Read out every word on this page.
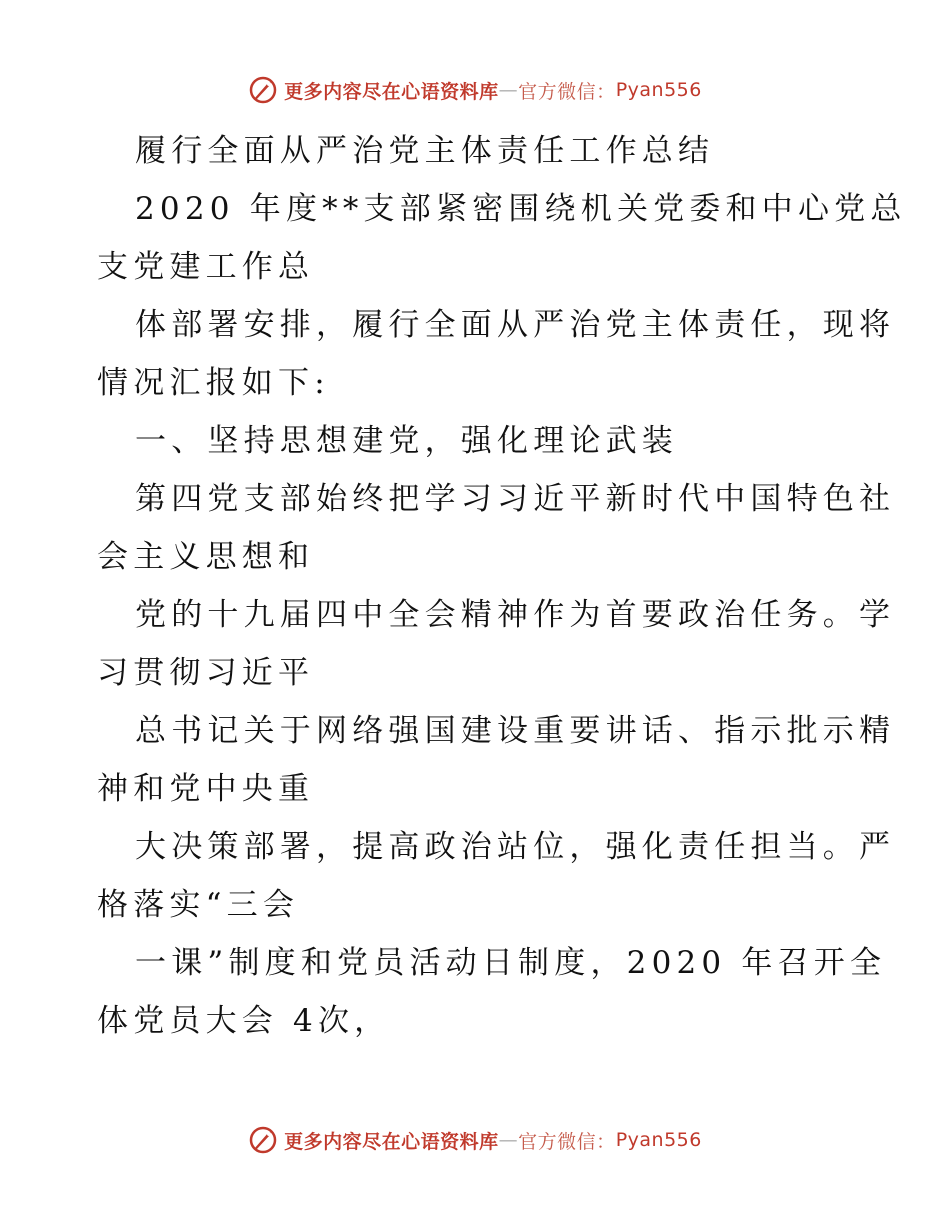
更多内容尽在心语资料库 — 官方微信： Pyan556

履行全面从严治党主体责任工作总结

2020 年度**支部紧密围绕机关党委和中心党总

支党建工作总

体部署安排，履行全面从严治党主体责任，现将

情况汇报如下:

一、坚持思想建党，强化理论武装

第四党支部始终把学习习近平新时代中国特色社

会主义思想和

党的十九届四中全会精神作为首要政治任务。学

习贯彻习近平

总书记关于网络强国建设重要讲话、指示批示精

神和党中央重

大决策部署，提高政治站位，强化责任担当。严

格落实“三会

一课”制度和党员活动日制度，2020 年召开全

体党员大会 4次，

更多内容尽在心语资料库 — 官方微信： Pyan556
